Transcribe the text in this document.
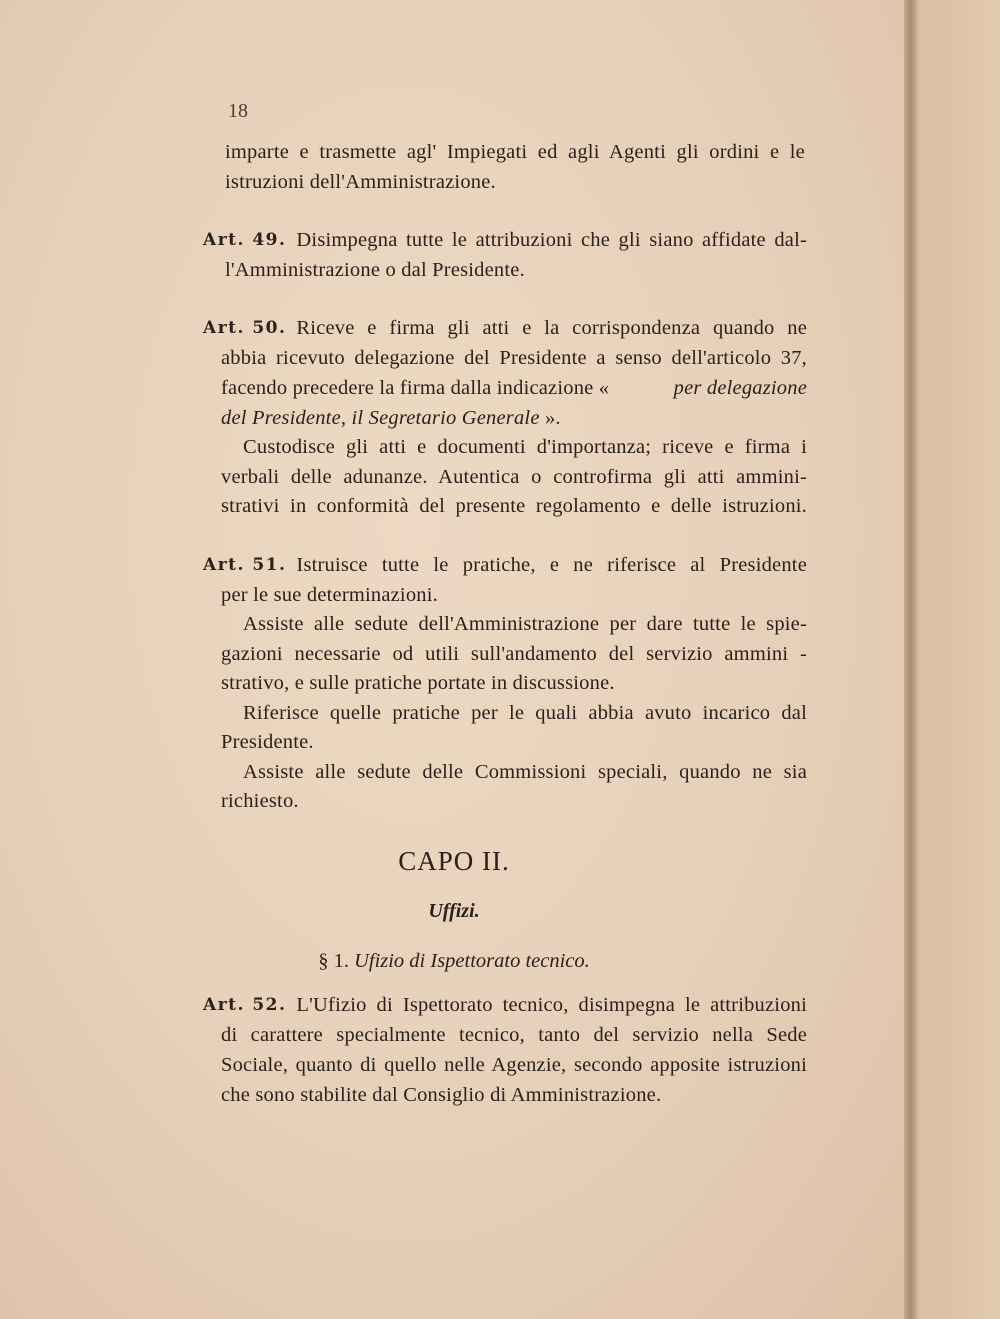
18
imparte e trasmette agl' Impiegati ed agli Agenti gli ordini e le
istruzioni dell'Amministrazione.
Art. 49. Disimpegna tutte le attribuzioni che gli siano affidate dal-
l'Amministrazione o dal Presidente.
Art. 50. Riceve e firma gli atti e la corrispondenza quando ne
abbia ricevuto delegazione del Presidente a senso dell'articolo 37,
facendo precedere la firma dalla indicazione «	per delegazione
del Presidente, il Segretario Generale ».
Custodisce gli atti e documenti d'importanza; riceve e firma i
verbali delle adunanze. Autentica o controfirma gli atti ammini-
strativi in conformità del presente regolamento e delle istruzioni.
Art. 51. Istruisce tutte le pratiche, e ne riferisce al Presidente
per le sue determinazioni.
Assiste alle sedute dell'Amministrazione per dare tutte le spie-
gazioni necessarie od utili sull'andamento del servizio ammini -
strativo, e sulle pratiche portate in discussione.
Riferisce quelle pratiche per le quali abbia avuto incarico dal
Presidente.
Assiste alle sedute delle Commissioni speciali, quando ne sia
richiesto.
CAPO II.
Uffizi.
§ 1. Ufizio di Ispettorato tecnico.
Art. 52. L'Ufizio di Ispettorato tecnico, disimpegna le attribuzioni
di carattere specialmente tecnico, tanto del servizio nella Sede
Sociale, quanto di quello nelle Agenzie, secondo apposite istruzioni
che sono stabilite dal Consiglio di Amministrazione.
